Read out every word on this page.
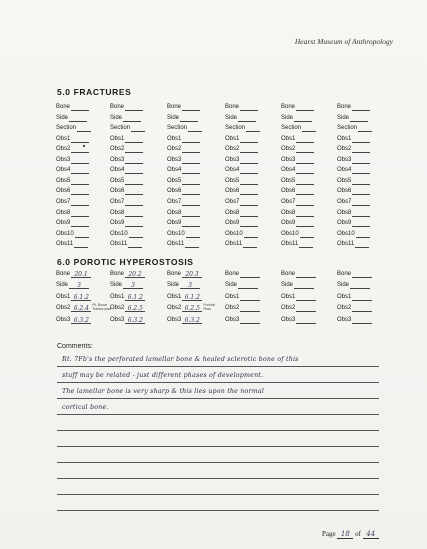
Hearst Museum of Anthropology
5.0 FRACTURES
Bone
Side
Section
Obs1
Obs2
Obs3
Obs4
Obs5
Obs6
Obs7
Obs8
Obs9
Obs10
Obs11
Bone
Side
Section
Obs1
Obs2
Obs3
Obs4
Obs5
Obs6
Obs7
Obs8
Obs9
Obs10
Obs11
Bone
Side
Section
Obs1
Obs2
Obs3
Obs4
Obs5
Obs6
Obs7
Obs8
Obs9
Obs10
Obs11
Bone
Side
Section
Obs1
Obs2
Obs3
Obs4
Obs5
Obs6
Obs7
Obs8
Obs9
Obs10
Obs11
Bone
Side
Section
Obs1
Obs2
Obs3
Obs4
Obs5
Obs6
Obs7
Obs8
Obs9
Obs10
Obs11
Bone
Side
Section
Obs1
Obs2
Obs3
Obs4
Obs5
Obs6
Obs7
Obs8
Obs9
Obs10
Obs11
6.0 POROTIC HYPEROSTOSIS
Bone 20.1
Side 3
Obs1 6.1.2
Obs2 6.2.4Pt. Bone Trabeculae
Obs3 6.3.2
Bone 20.2
Side 3
Obs1 6.1.2
Obs2 6.2.5
Obs3 6.3.2
Bone 20.3
Side 3
Obs1 6.1.2
Obs2 6.2.5Frontal Poss
Obs3 6.3.2
Bone
Side
Obs1
Obs2
Obs3
Bone
Side
Obs1
Obs2
Obs3
Bone
Side
Obs1
Obs2
Obs3
Comments:
Rt. 7Fb's the perforated lamellar bone & healed sclerotic bone of this
stuff may be related - just different phases of development.
The lamellar bone is very sharp & this lies upon the normal
cortical bone.
Page 18 of 44
